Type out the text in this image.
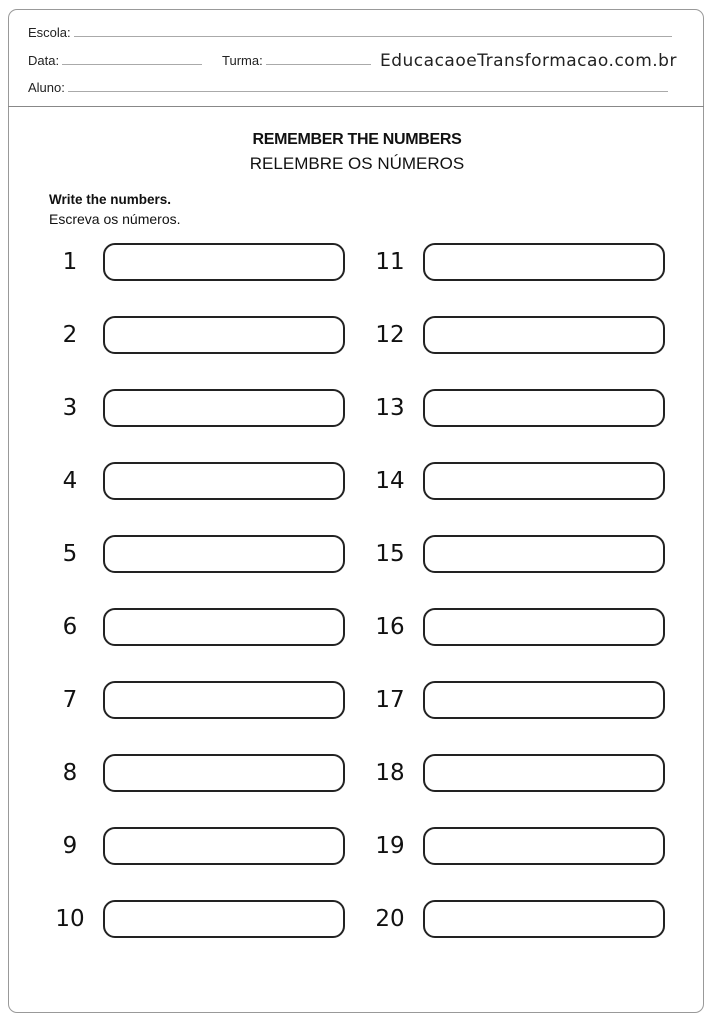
Escola:
Data:	Turma:	EducacaoeTransformacao.com.br
Aluno:
REMEMBER THE NUMBERS
RELEMBRE OS NÚMEROS
Write the numbers.
Escreva os números.
1
2
3
4
5
6
7
8
9
10
11
12
13
14
15
16
17
18
19
20
